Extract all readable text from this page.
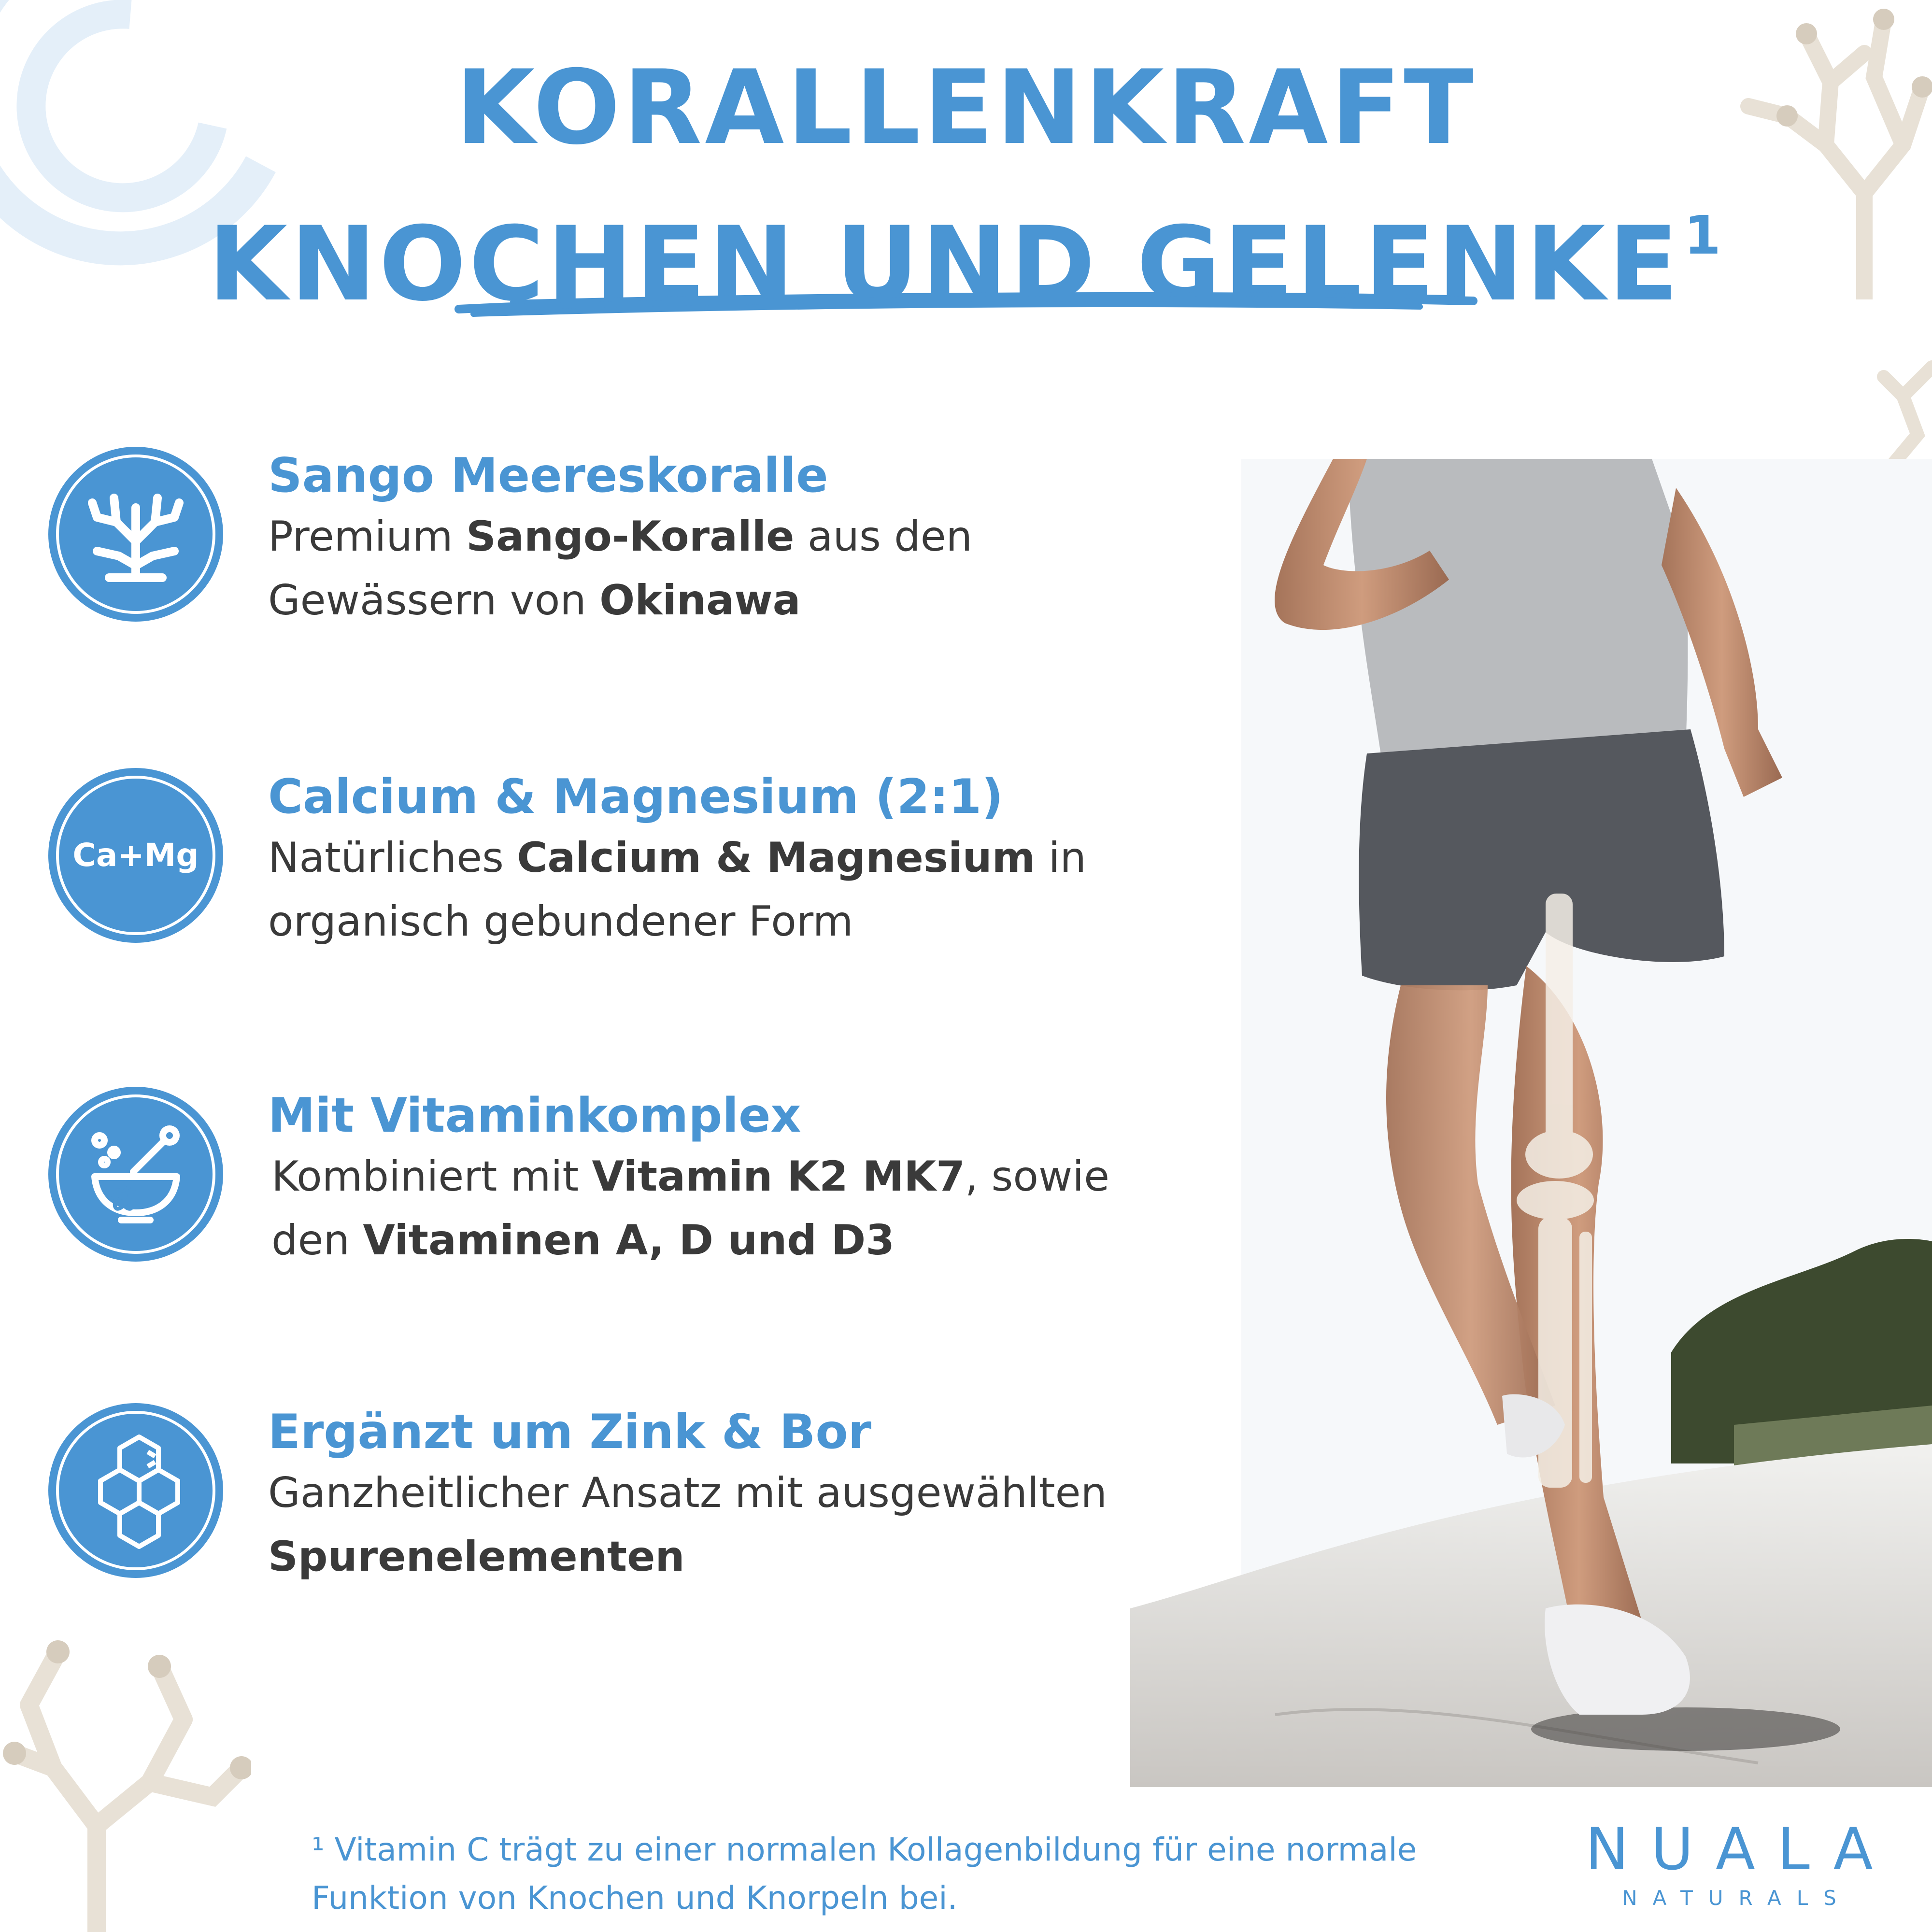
KORALLENKRAFT
KNOCHEN UND GELENKE$^1$
Sango Meereskoralle
Premium Sango-Koralle aus den
Gewässern von Okinawa
Ca+Mg
Calcium & Magnesium (2:1)
Natürliches Calcium & Magnesium in
organisch gebundener Form
Mit Vitaminkomplex
Kombiniert mit Vitamin K2 MK7, sowie
den Vitaminen A, D und D3
Ergänzt um Zink & Bor
Ganzheitlicher Ansatz mit ausgewählten
Spurenelementen
¹ Vitamin C trägt zu einer normalen Kollagenbildung für eine normale
Funktion von Knochen und Knorpeln bei.
NUALA
NATURALS
